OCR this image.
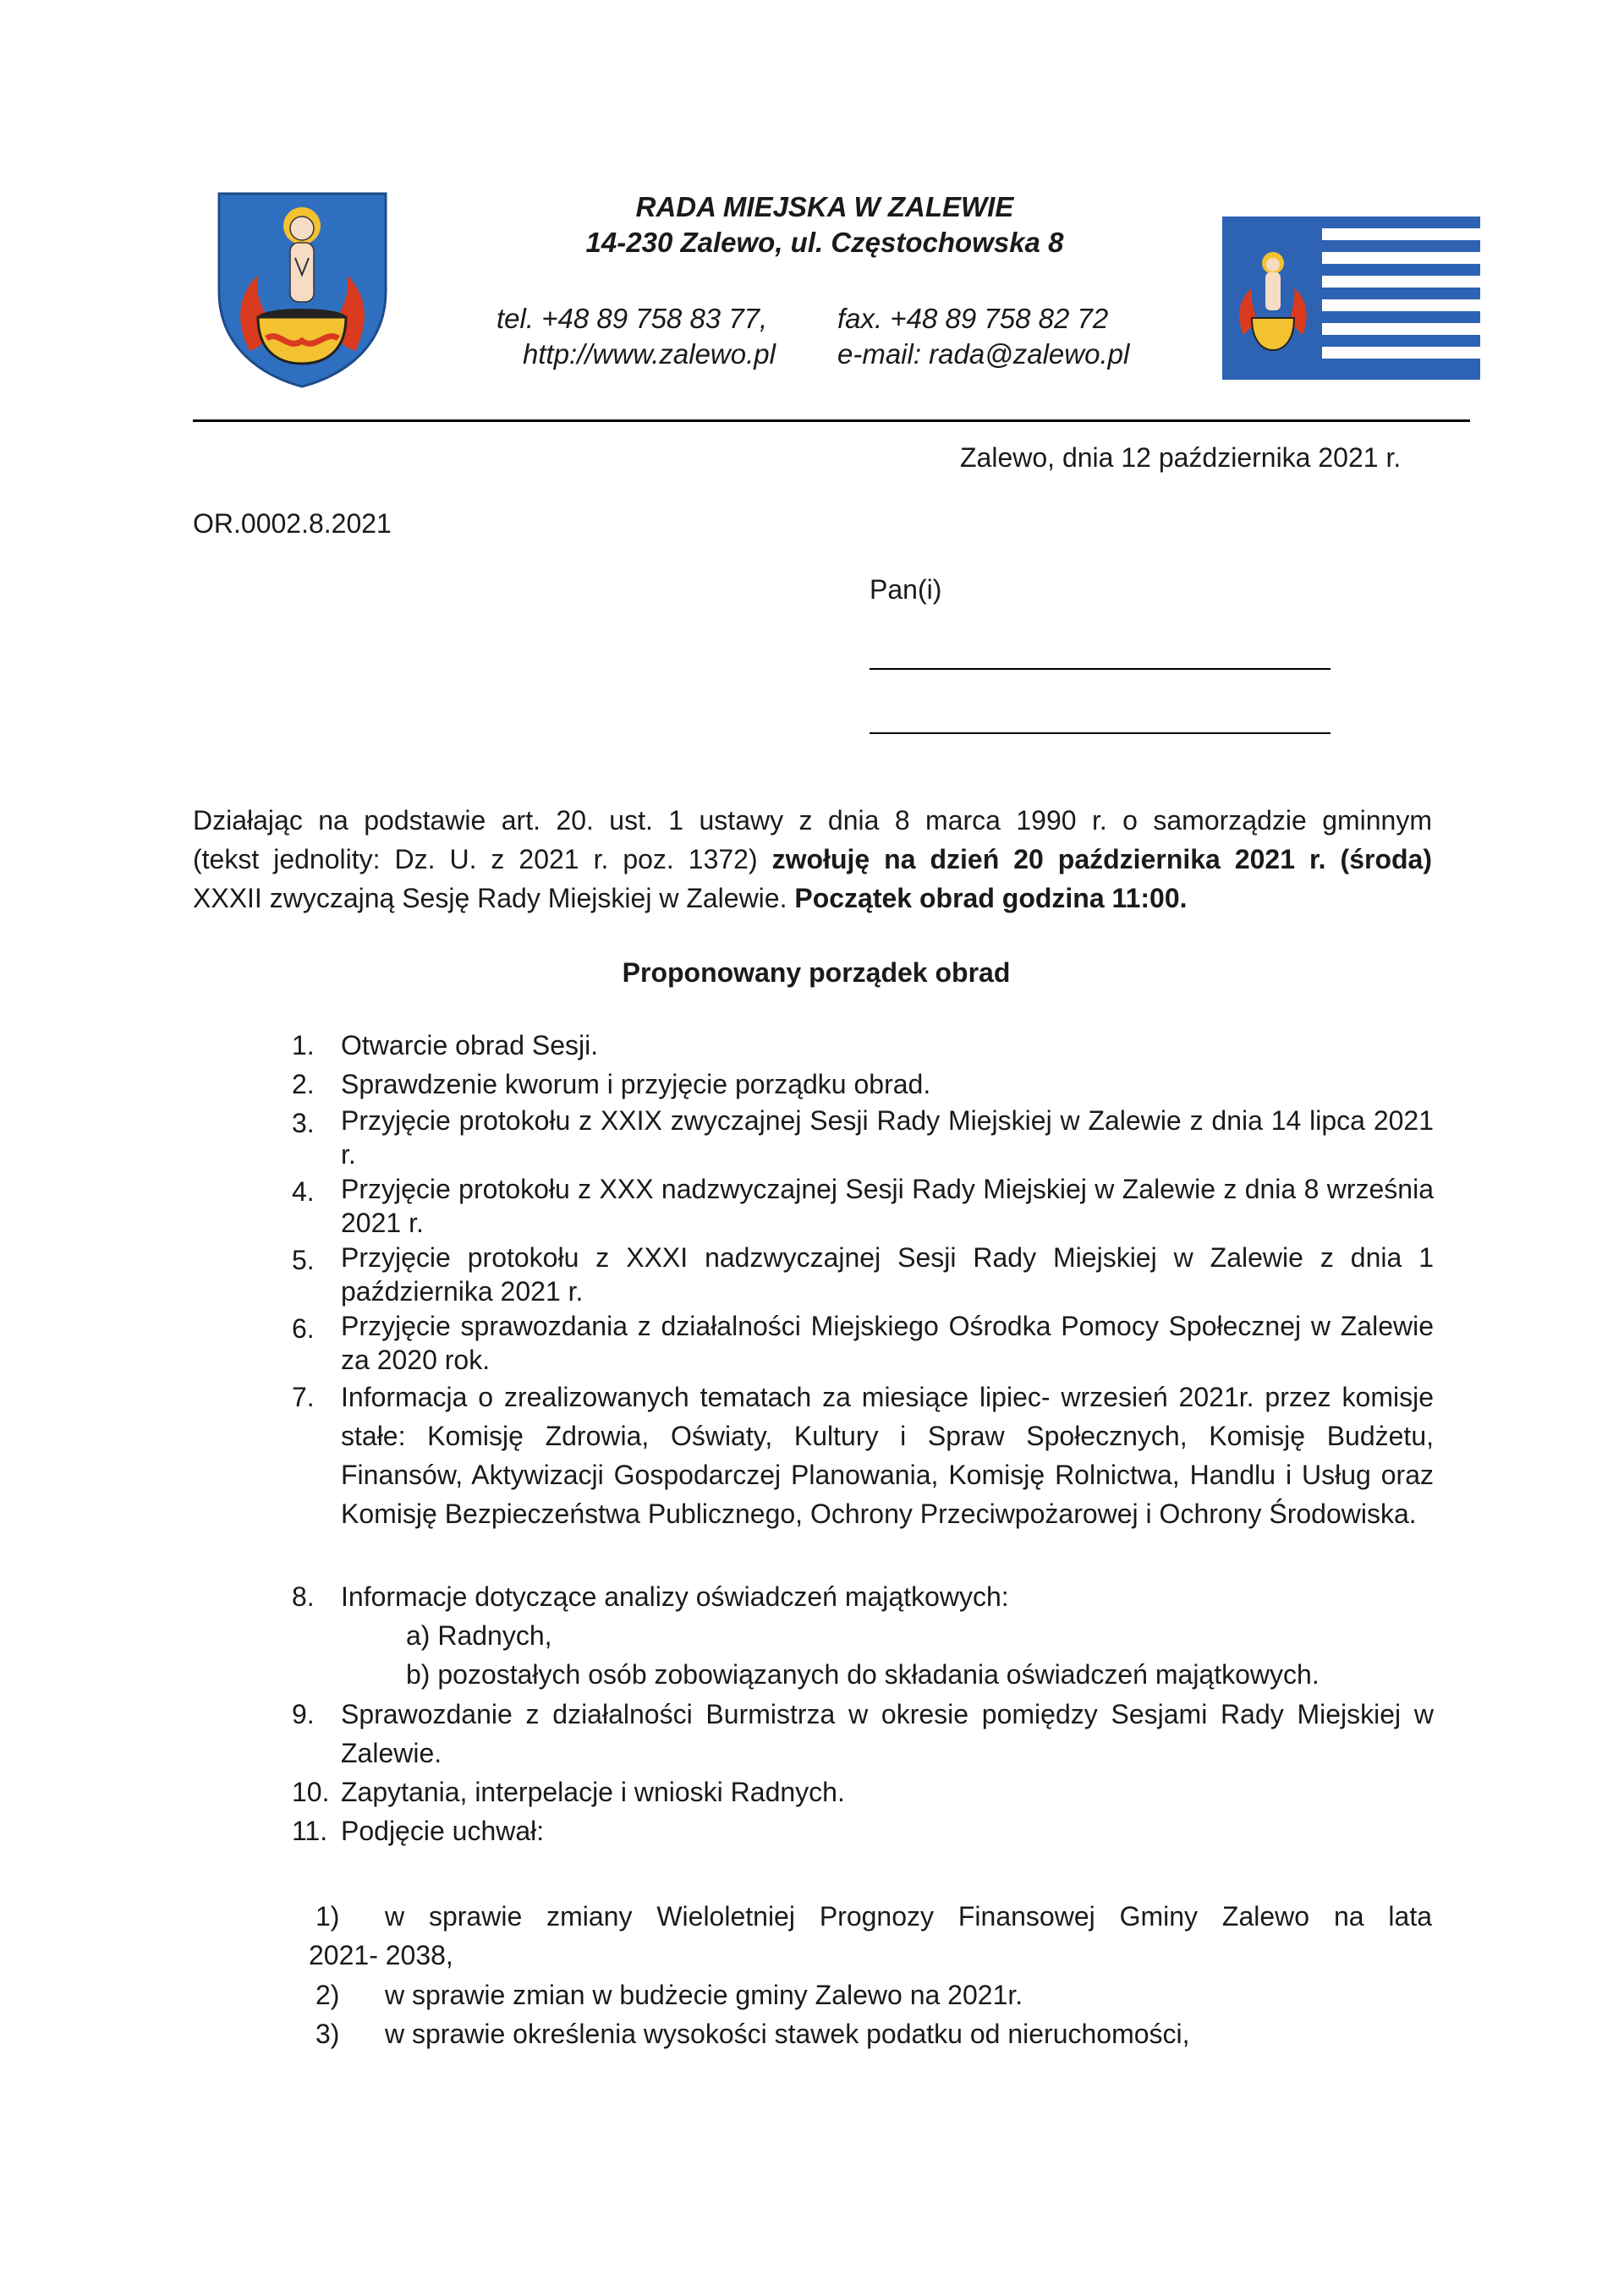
RADA MIEJSKA W ZALEWIE
14-230 Zalewo, ul. Częstochowska 8
tel. +48 89 758 83 77,	fax. +48 89 758 82 72
http://www.zalewo.pl e-mail: rada@zalewo.pl
Zalewo, dnia 12 października 2021 r.
OR.0002.8.2021
Pan(i)
Działając na podstawie art. 20. ust. 1 ustawy z dnia 8 marca 1990 r. o samorządzie gminnym
(tekst jednolity: Dz. U. z 2021 r. poz. 1372) zwołuję na dzień 20 października 2021 r. (środa)
XXXII zwyczajną Sesję Rady Miejskiej w Zalewie. Początek obrad godzina 11:00.
Proponowany porządek obrad
1. Otwarcie obrad Sesji.
2. Sprawdzenie kworum i przyjęcie porządku obrad.
3. Przyjęcie protokołu z XXIX zwyczajnej Sesji Rady Miejskiej w Zalewie z dnia 14 lipca 2021 r.
4. Przyjęcie protokołu z XXX nadzwyczajnej Sesji Rady Miejskiej w Zalewie z dnia 8 września 2021 r.
5. Przyjęcie protokołu z XXXI nadzwyczajnej Sesji Rady Miejskiej w Zalewie z dnia 1 października 2021 r.
6. Przyjęcie sprawozdania z działalności Miejskiego Ośrodka Pomocy Społecznej w Zalewie za 2020 rok.
7. Informacja o zrealizowanych tematach za miesiące lipiec- wrzesień 2021r. przez komisje stałe: Komisję Zdrowia, Oświaty, Kultury i Spraw Społecznych, Komisję Budżetu, Finansów, Aktywizacji Gospodarczej Planowania, Komisję Rolnictwa, Handlu i Usług oraz Komisję Bezpieczeństwa Publicznego, Ochrony Przeciwpożarowej i Ochrony Środowiska.
8. Informacje dotyczące analizy oświadczeń majątkowych:
a) Radnych,
b) pozostałych osób zobowiązanych do składania oświadczeń majątkowych.
9. Sprawozdanie z działalności Burmistrza w okresie pomiędzy Sesjami Rady Miejskiej w Zalewie.
10. Zapytania, interpelacje i wnioski Radnych.
11. Podjęcie uchwał:
1) w sprawie zmiany Wieloletniej Prognozy Finansowej Gminy Zalewo na lata
2021- 2038,
2) w sprawie zmian w budżecie gminy Zalewo na 2021r.
3) w sprawie określenia wysokości stawek podatku od nieruchomości,
